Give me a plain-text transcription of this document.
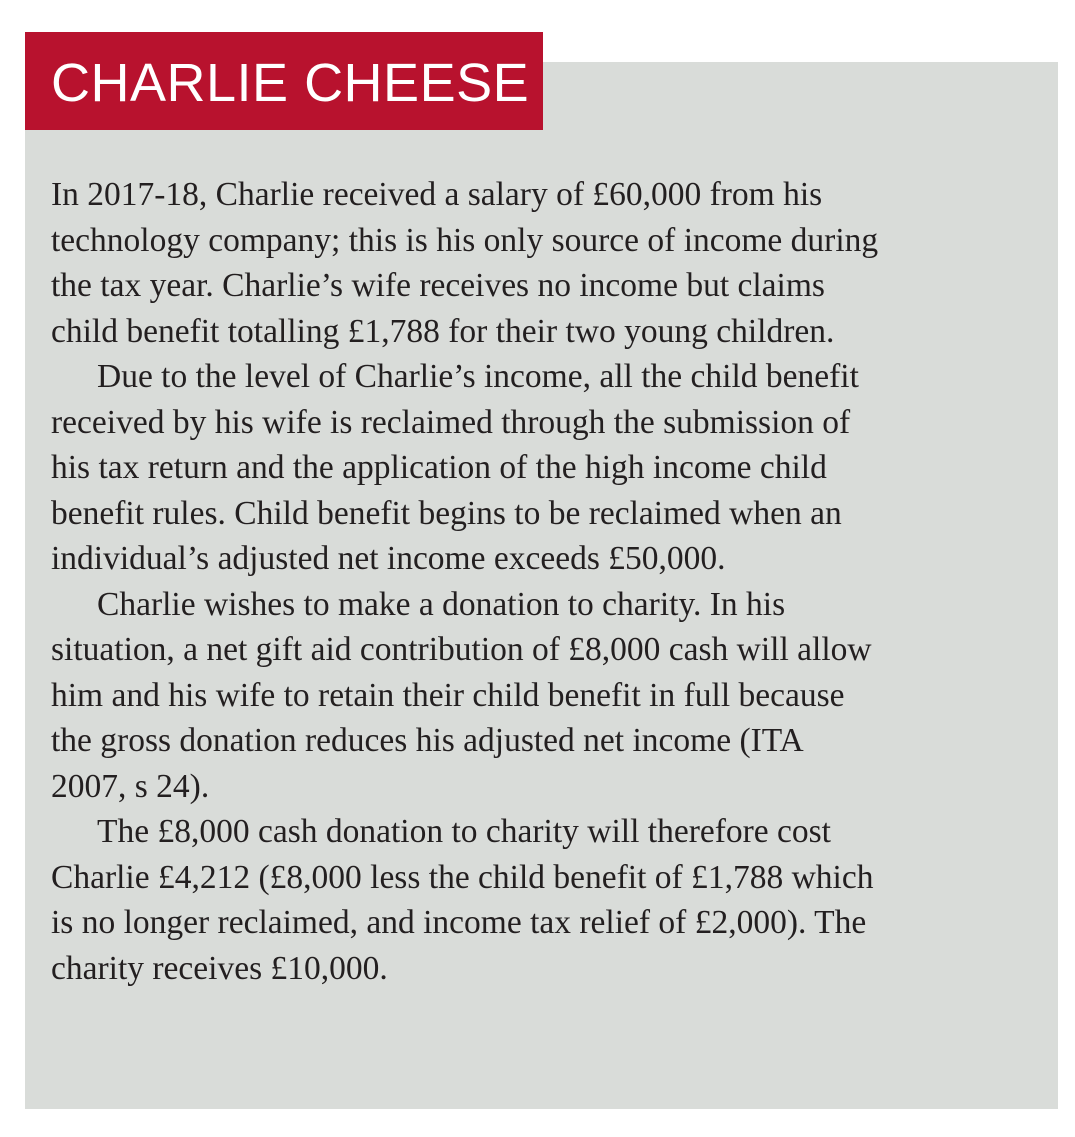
CHARLIE CHEESE
In 2017-18, Charlie received a salary of £60,000 from his
technology company; this is his only source of income during
the tax year. Charlie’s wife receives no income but claims
child benefit totalling £1,788 for their two young children.
Due to the level of Charlie’s income, all the child benefit
received by his wife is reclaimed through the submission of
his tax return and the application of the high income child
benefit rules. Child benefit begins to be reclaimed when an
individual’s adjusted net income exceeds £50,000.
Charlie wishes to make a donation to charity. In his
situation, a net gift aid contribution of £8,000 cash will allow
him and his wife to retain their child benefit in full because
the gross donation reduces his adjusted net income (ITA
2007, s 24).
The £8,000 cash donation to charity will therefore cost
Charlie £4,212 (£8,000 less the child benefit of £1,788 which
is no longer reclaimed, and income tax relief of £2,000). The
charity receives £10,000.
